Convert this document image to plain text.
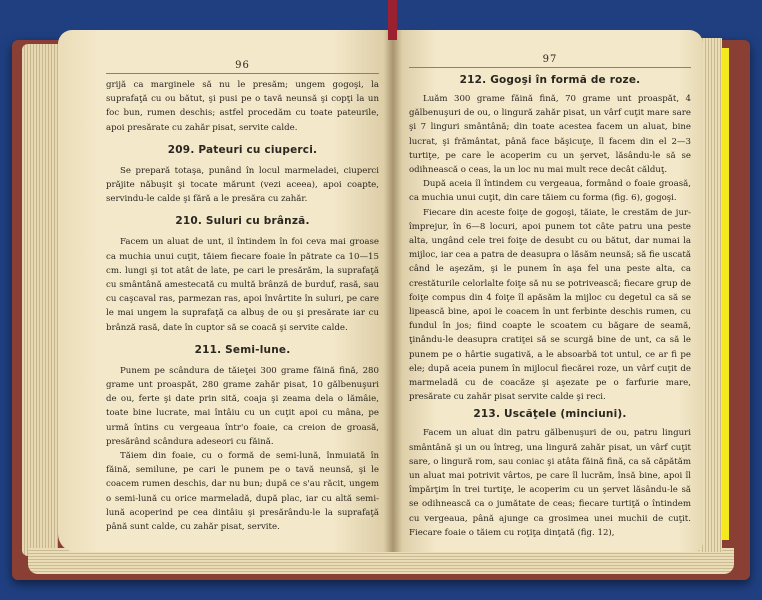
96

grijă ca marginele să nu le presăm; ungem gogoşi, la suprafaţă cu ou bătut, şi pusi pe o tavă neunsă şi copţi la un foc bun, rumen deschis; astfel procedăm cu toate pateurile, apoi presărate cu zahăr pisat, servite calde.

209. Pateuri cu ciuperci.

Se prepară totaşa, punând în locul marmeladei, ciuperci prăjite năbuşit şi tocate mărunt (vezi aceea), apoi coapte, servindu-le calde şi fără a le presăra cu zahăr.

210. Suluri cu brânză.

Facem un aluat de unt, il întindem în foi ceva mai groase ca muchia unui cuţit, tăiem fiecare foaie în pătrate ca 10—15 cm. lungi şi tot atât de late, pe cari le presărăm, la suprafaţă cu smântână amestecată cu multă brânză de burduf, rasă, sau cu caşcaval ras, parmezan ras, apoi învârtite în suluri, pe care le mai ungem la suprafaţă ca albuş de ou şi presărate iar cu brânză rasă, date în cuptor să se coacă şi servite calde.

211. Semi-lune.

Punem pe scândura de tăieţei 300 grame făină fină, 280 grame unt proaspăt, 280 grame zahăr pisat, 10 gălbenuşuri de ou, ferte şi date prin sită, coaja şi zeama dela o lămâie, toate bine lucrate, mai întâiu cu un cuţit apoi cu mâna, pe urmă întins cu vergeaua într'o foaie, ca creion de groasă, presărând scândura adeseori cu făină.

Tăiem din foaie, cu o formă de semi-lună, înmuiată în făină, semilune, pe cari le punem pe o tavă neunsă, şi le coacem rumen deschis, dar nu bun; după ce s'au răcit, ungem o semi-lună cu orice marmeladă, după plac, iar cu altă semi-lună acoperind pe cea dintâiu şi presărându-le la suprafaţă până sunt calde, cu zahăr pisat, servite.

97
212. Gogoşi în formă de roze.

Luăm 300 grame făină fină, 70 grame unt proaspăt, 4 gălbenuşuri de ou, o lingură zahăr pisat, un vârf cuţit mare sare şi 7 linguri smântână; din toate acestea facem un aluat, bine lucrat, şi frământat, până face băşicuţe, îl facem din el 2—3 turtiţe, pe care le acoperim cu un şervet, lăsându-le să se odihnească o ceas, la un loc nu mai mult rece decât călduţ.

După aceia îl întindem cu vergeaua, formând o foaie groasă, ca muchia unui cuţit, din care tăiem cu forma (fig. 6), gogoşi.

Fiecare din aceste foiţe de gogoşi, tăiate, le crestăm de jur-împrejur, în 6—8 locuri, apoi punem tot câte patru una peste alta, ungând cele trei foiţe de desubt cu ou bătut, dar numai la mijloc, iar cea a patra de deasupra o lăsăm neunsă; să fie uscată când le aşezăm, şi le punem în aşa fel una peste alta, ca crestăturile celorlalte foiţe să nu se potrivească; fiecare grup de foiţe compus din 4 foiţe îl apăsăm la mijloc cu degetul ca să se lipească bine, apoi le coacem în unt ferbinte deschis rumen, cu fundul în jos; fiind coapte le scoatem cu băgare de seamă, ţinându-le deasupra cratiţei să se scurgă bine de unt, ca să le punem pe o hârtie sugativă, a le absoarbă tot untul, ce ar fi pe ele; după aceia punem în mijlocul fiecărei roze, un vârf cuţit de marmeladă cu de coacăze şi aşezate pe o farfurie mare, presărate cu zahăr pisat servite calde şi reci.

213. Uscăţele (minciuni).

Facem un aluat din patru gălbenuşuri de ou, patru linguri smântână şi un ou întreg, una lingură zahăr pisat, un vârf cuţit sare, o lingură rom, sau coniac şi atâta făină fină, ca să căpătăm un aluat mai potrivit vârtos, pe care îl lucrăm, însă bine, apoi îl împărţim în trei turtiţe, le acoperim cu un şervet lăsându-le să se odihnească ca o jumătate de ceas; fiecare turtiţă o întindem cu vergeaua, până ajunge ca grosimea unei muchii de cuţit. Fiecare foaie o tăiem cu roţiţa dinţată (fig. 12),
